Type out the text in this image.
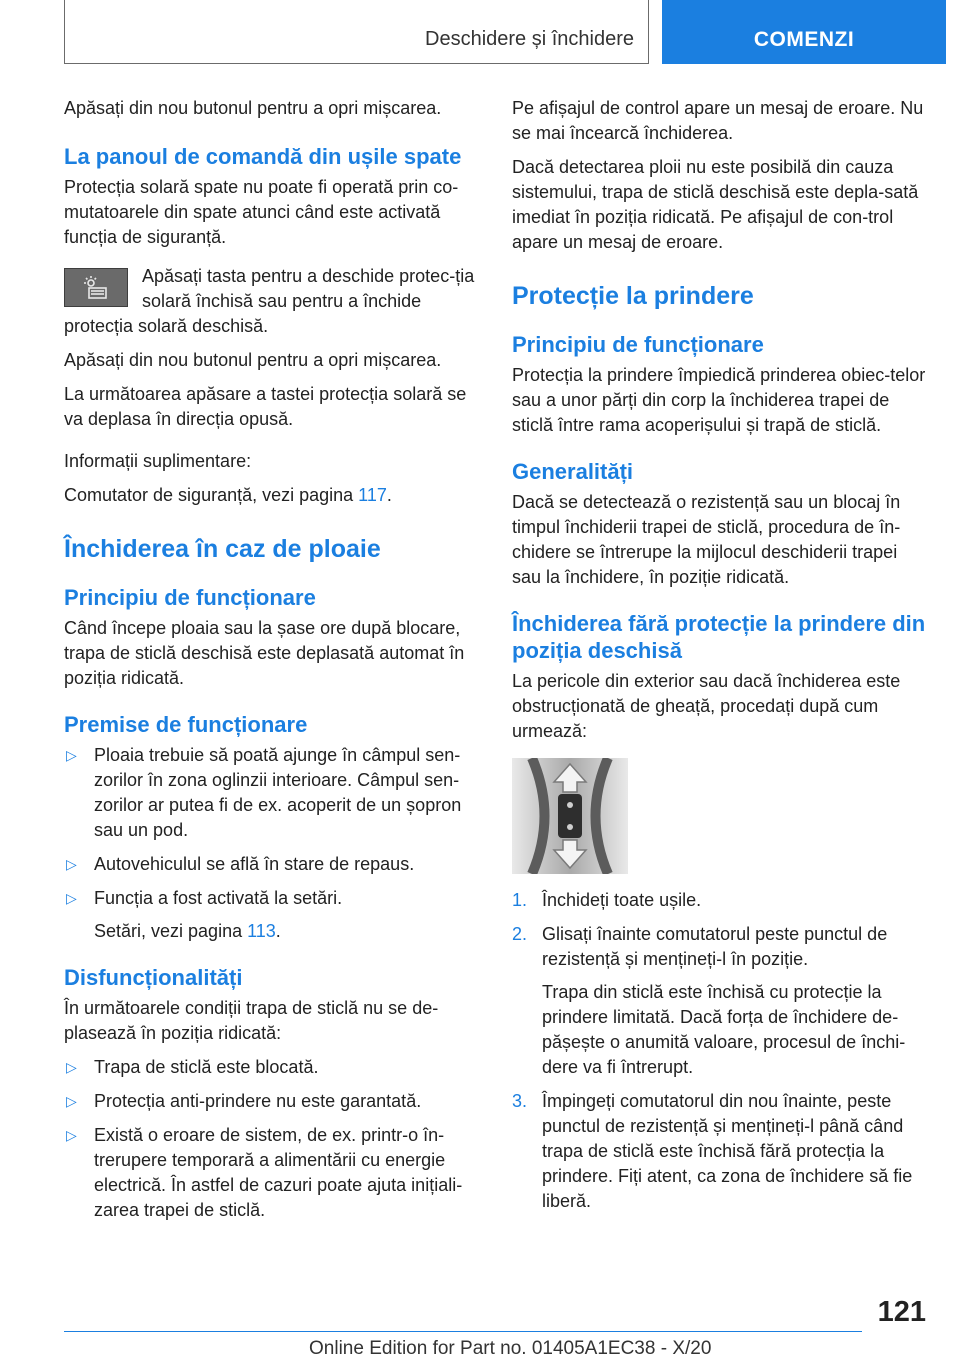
Deschidere și închidere	COMENZI

Apăsați din nou butonul pentru a opri mișcarea.

La panoul de comandă din ușile spate

Protecția solară spate nu poate fi operată prin co‐mutatoarele din spate atunci când este activată funcția de siguranță.

Apăsați tasta pentru a deschide protec‐ția solară închisă sau pentru a închide protecția solară deschisă.

Apăsați din nou butonul pentru a opri mișcarea.

La următoarea apăsare a tastei protecția solară se va deplasa în direcția opusă.

Informații suplimentare:

Comutator de siguranță, vezi pagina 117.

Închiderea în caz de ploaie
Principiu de funcționare

Când începe ploaia sau la șase ore după blocare, trapa de sticlă deschisă este deplasată automat în poziția ridicată.

Premise de funcționare
▷ Ploaia trebuie să poată ajunge în câmpul sen‐zorilor în zona oglinzii interioare. Câmpul sen‐zorilor ar putea fi de ex. acoperit de un șopron sau un pod.
▷ Autovehiculul se află în stare de repaus.
▷ Funcția a fost activată la setări.
Setări, vezi pagina 113.
Disfuncționalități

În următoarele condiții trapa de sticlă nu se de‐plasează în poziția ridicată:

▷ Trapa de sticlă este blocată.
▷ Protecția anti-prindere nu este garantată.
▷ Există o eroare de sistem, de ex. printr-o în‐trerupere temporară a alimentării cu energie electrică. În astfel de cazuri poate ajuta inițiali‐zarea trapei de sticlă.

Pe afișajul de control apare un mesaj de eroare. Nu se mai încearcă închiderea.

Dacă detectarea ploii nu este posibilă din cauza sistemului, trapa de sticlă deschisă este depla‐sată imediat în poziția ridicată. Pe afișajul de con‐trol apare un mesaj de eroare.

Protecție la prindere
Principiu de funcționare

Protecția la prindere împiedică prinderea obiec‐telor sau a unor părți din corp la închiderea trapei de sticlă între rama acoperișului și trapă de sticlă.

Generalități

Dacă se detectează o rezistență sau un blocaj în timpul închiderii trapei de sticlă, procedura de în‐chidere se întrerupe la mijlocul deschiderii trapei sau la închidere, în poziție ridicată.

Închiderea fără protecție la prindere din poziția deschisă

La pericole din exterior sau dacă închiderea este obstrucționată de gheață, procedați după cum urmează:

1. Închideți toate ușile.
2. Glisați înainte comutatorul peste punctul de rezistență și mențineți-l în poziție.
Trapa din sticlă este închisă cu protecție la prindere limitată. Dacă forța de închidere de‐pășește o anumită valoare, procesul de închi‐dere va fi întrerupt.
3. Împingeți comutatorul din nou înainte, peste punctul de rezistență și mențineți-l până când trapa de sticlă este închisă fără protecția la prindere. Fiți atent, ca zona de închidere să fie liberă.
121
Online Edition for Part no. 01405A1EC38 - X/20
